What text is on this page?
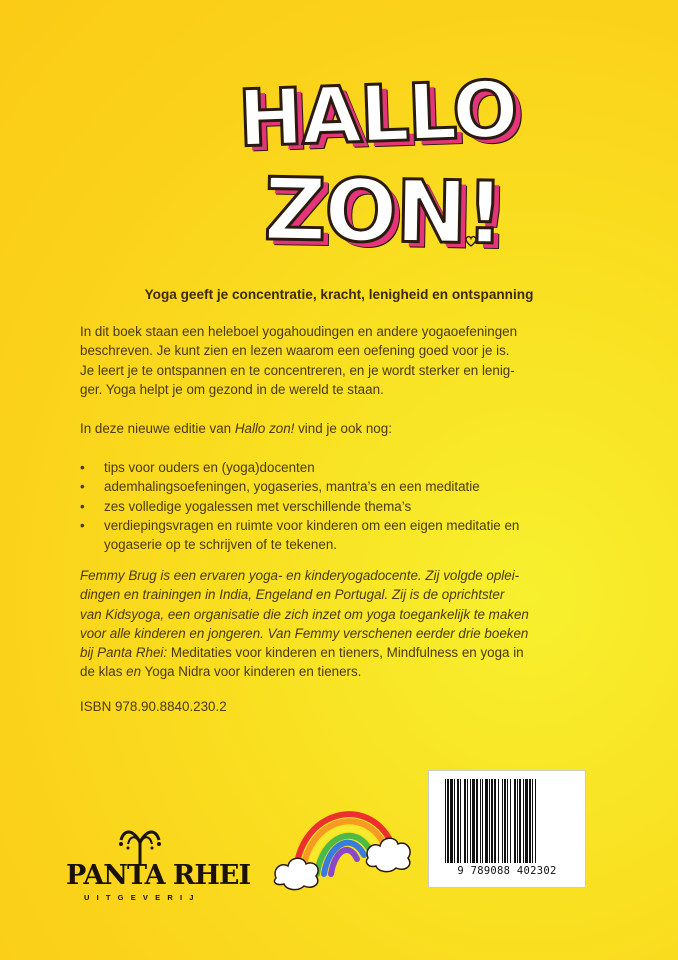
HALLO
ZON!
Yoga geeft je concentratie, kracht, lenigheid en ontspanning
In dit boek staan een heleboel yogahoudingen en andere yogaoefeningen
beschreven. Je kunt zien en lezen waarom een oefening goed voor je is.
Je leert je te ontspannen en te concentreren, en je wordt sterker en lenig-
ger. Yoga helpt je om gezond in de wereld te staan.
In deze nieuwe editie van Hallo zon! vind je ook nog:
• tips voor ouders en (yoga)docenten
• ademhalingsoefeningen, yogaseries, mantra’s en een meditatie
• zes volledige yogalessen met verschillende thema’s
• verdiepingsvragen en ruimte voor kinderen om een eigen meditatie en
yogaserie op te schrijven of te tekenen.
Femmy Brug is een ervaren yoga- en kinderyogadocente. Zij volgde oplei-
dingen en trainingen in India, Engeland en Portugal. Zij is de oprichtster
van Kidsyoga, een organisatie die zich inzet om yoga toegankelijk te maken
voor alle kinderen en jongeren. Van Femmy verschenen eerder drie boeken
bij Panta Rhei: Meditaties voor kinderen en tieners, Mindfulness en yoga in
de klas en Yoga Nidra voor kinderen en tieners.
ISBN 978.90.8840.230.2
PANTA RHEI
UITGEVERIJ
9 789088 402302
